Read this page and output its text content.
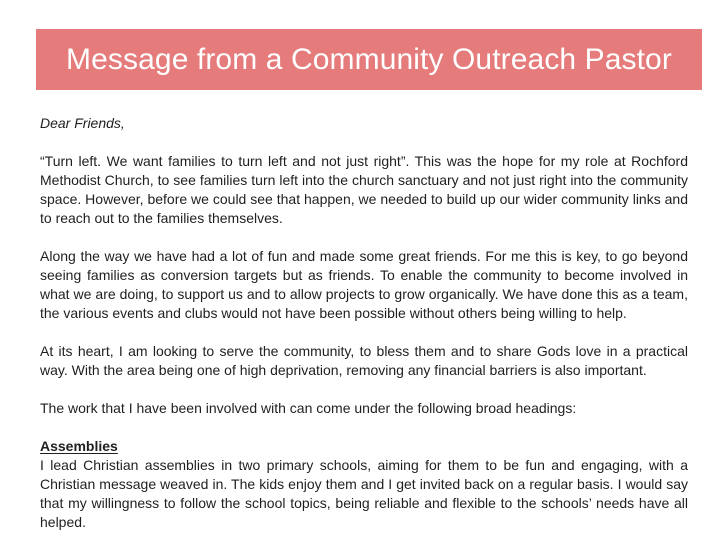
Message from a Community Outreach Pastor

Dear Friends,

“Turn left. We want families to turn left and not just right”. This was the hope for my role at Rochford Methodist Church, to see families turn left into the church sanctuary and not just right into the community space. However, before we could see that happen, we needed to build up our wider community links and to reach out to the families themselves.

Along the way we have had a lot of fun and made some great friends. For me this is key, to go beyond seeing families as conversion targets but as friends. To enable the community to become involved in what we are doing, to support us and to allow projects to grow organically. We have done this as a team, the various events and clubs would not have been possible without others being willing to help.

At its heart, I am looking to serve the community, to bless them and to share Gods love in a practical way. With the area being one of high deprivation, removing any financial barriers is also important.

The work that I have been involved with can come under the following broad headings:

Assemblies

I lead Christian assemblies in two primary schools, aiming for them to be fun and engaging, with a Christian message weaved in. The kids enjoy them and I get invited back on a regular basis. I would say that my willingness to follow the school topics, being reliable and flexible to the schools’ needs have all helped.
